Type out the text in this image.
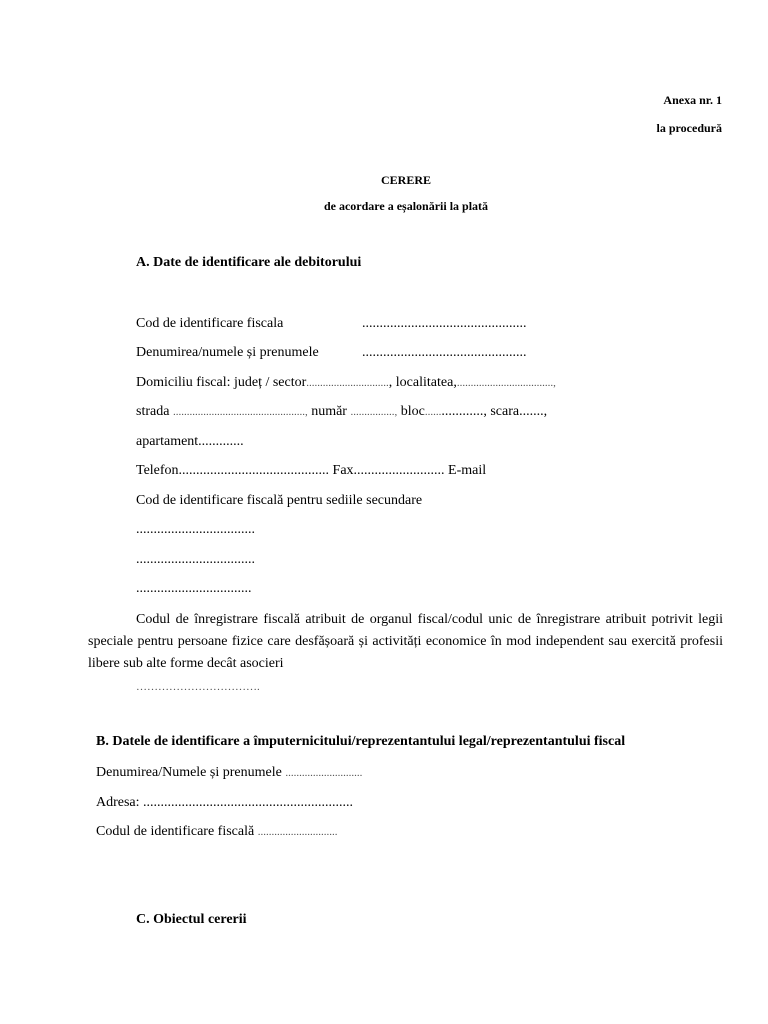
Anexa nr. 1
la procedură
CERERE
de acordare a eșalonării la plată
A. Date de identificare ale debitorului
Cod de identificare fiscala	...............................................
Denumirea/numele și prenumele	...............................................
Domiciliu fiscal: județ / sector.............................., localitatea,...................................,
strada ................................................, număr ................, bloc.................., scara.......,
apartament.............
Telefon........................................... Fax.......................... E-mail
Cod de identificare fiscală pentru sediile secundare
..................................
..................................
.................................

Codul de înregistrare fiscală atribuit de organul fiscal/codul unic de înregistrare atribuit potrivit legii speciale pentru persoane fizice care desfășoară și activități economice în mod independent sau exercită profesii libere sub alte forme decât asocieri

…………………………….
B. Datele de identificare a împuternicitului/reprezentantului legal/reprezentantului fiscal
Denumirea/Numele și prenumele ............................
Adresa: ............................................................
Codul de identificare fiscală .............................
C. Obiectul cererii
